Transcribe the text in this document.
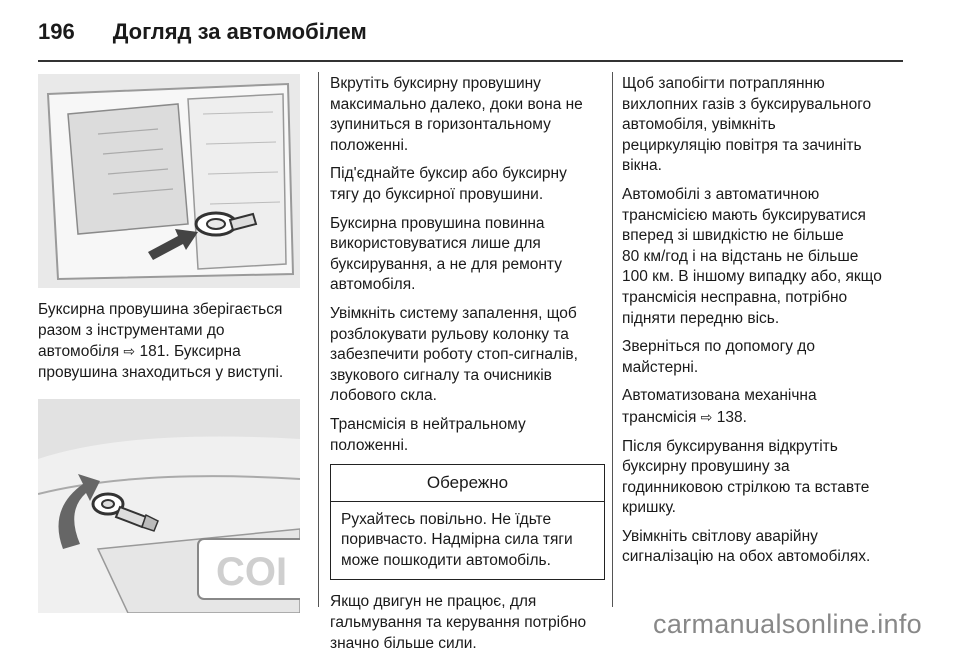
196 Догляд за автомобілем
Буксирна провушина зберігається
разом з інструментами до
автомобіля ⇨ 181. Буксирна
провушина знаходиться у виступі.
COI

Вкрутіть буксирну провушину
максимально далеко, доки вона не
зупиниться в горизонтальному
положенні.

Під'єднайте буксир або буксирну
тягу до буксирної провушини.

Буксирна провушина повинна
використовуватися лише для
буксирування, а не для ремонту
автомобіля.

Увімкніть систему запалення, щоб
розблокувати рульову колонку та
забезпечити роботу стоп-сигналів,
звукового сигналу та очисників
лобового скла.

Трансмісія в нейтральному
положенні.

Обережно
Рухайтесь повільно. Не їдьте
поривчасто. Надмірна сила тяги
може пошкодити автомобіль.

Якщо двигун не працює, для
гальмування та керування потрібно
значно більше сили.

Щоб запобігти потраплянню
вихлопних газів з буксирувального
автомобіля, увімкніть
рециркуляцію повітря та зачиніть
вікна.

Автомобілі з автоматичною
трансмісією мають буксируватися
вперед зі швидкістю не більше
80 км/год і на відстань не більше
100 км. В іншому випадку або, якщо
трансмісія несправна, потрібно
підняти передню вісь.

Зверніться по допомогу до
майстерні.

Автоматизована механічна
трансмісія ⇨ 138.

Після буксирування відкрутіть
буксирну провушину за
годинниковою стрілкою та вставте
кришку.

Увімкніть світлову аварійну
сигналізацію на обох автомобілях.

carmanualsonline.info
